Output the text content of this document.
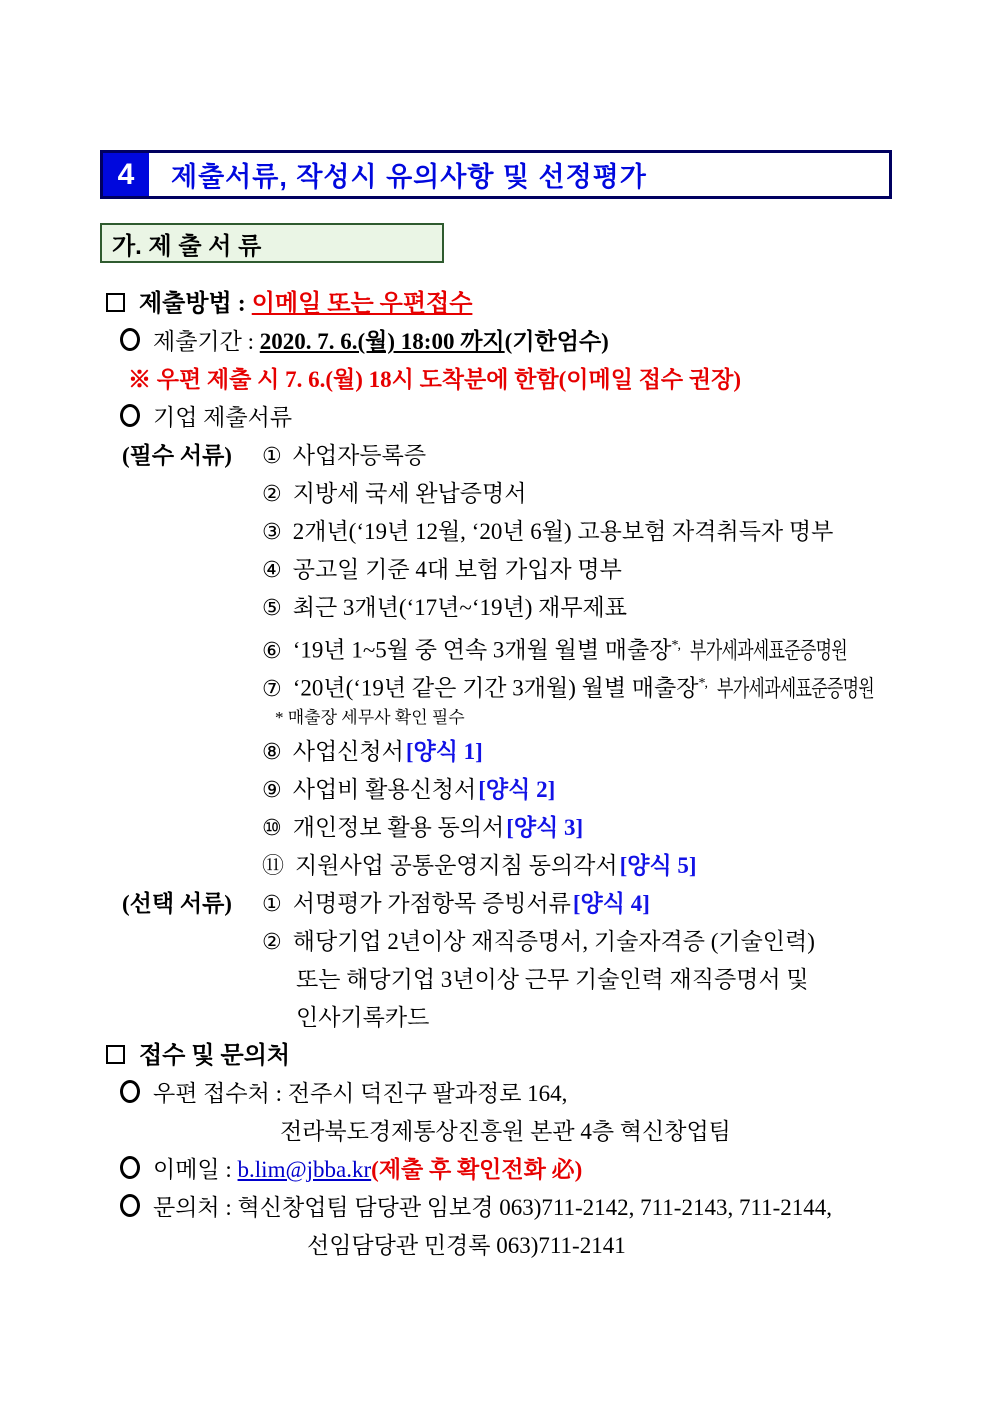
4	제출서류, 작성시 유의사항 및 선정평가
가. 제 출 서 류
제출방법 : 이메일 또는 우편접수
제출기간 : 2020. 7. 6.(월) 18:00 까지(기한엄수)
※ 우편 제출 시 7. 6.(월) 18시 도착분에 한함(이메일 접수 권장)
기업 제출서류
(필수 서류)	① 사업자등록증
② 지방세 국세 완납증명서
③ 2개년(‘19년 12월, ‘20년 6월) 고용보험 자격취득자 명부
④ 공고일 기준 4대 보험 가입자 명부
⑤ 최근 3개년(‘17년~‘19년) 재무제표
⑥ ‘19년 1~5월 중 연속 3개월 월별 매출장*, 부가세과세표준증명원
⑦ ‘20년(‘19년 같은 기간 3개월) 월별 매출장*, 부가세과세표준증명원
* 매출장 세무사 확인 필수
⑧ 사업신청서[양식 1]
⑨ 사업비 활용신청서[양식 2]
⑩ 개인정보 활용 동의서[양식 3]
⑪ 지원사업 공통운영지침 동의각서[양식 5]
(선택 서류)	① 서명평가 가점항목 증빙서류[양식 4]
② 해당기업 2년이상 재직증명서, 기술자격증 (기술인력)
또는 해당기업 3년이상 근무 기술인력 재직증명서 및
인사기록카드
접수 및 문의처
우편 접수처 : 전주시 덕진구 팔과정로 164,
전라북도경제통상진흥원 본관 4층 혁신창업팀
이메일 : b.lim@jbba.kr(제출 후 확인전화 必)
문의처 : 혁신창업팀 담당관 임보경 063)711-2142, 711-2143, 711-2144,
선임담당관 민경록 063)711-2141
